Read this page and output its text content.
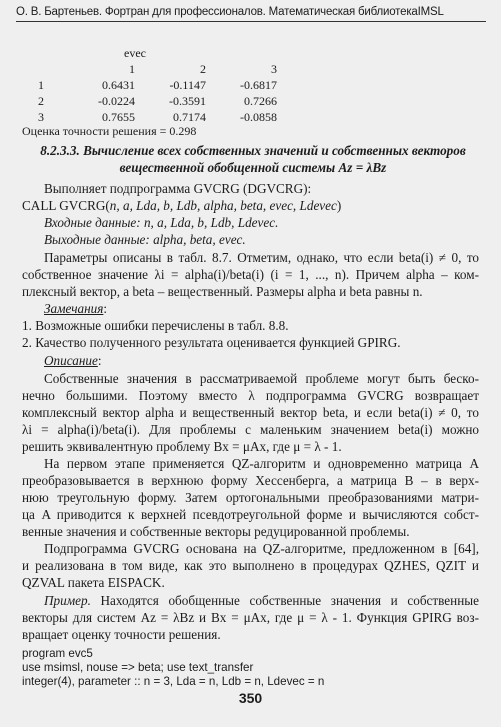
О. В. Бартеньев. Фортран для профессионалов. Математическая библиотекаIMSL
evec
1	2	3
1	0.6431	-0.1147	-0.6817
2	-0.0224	-0.3591	0.7266
3	0.7655	0.7174	-0.0858
Оценка точности решения = 0.298
8.2.3.3. Вычисление всех собственных значений и собственных векторов
вещественной обобщенной системы Az = λBz
Выполняет подпрограмма GVCRG (DGVCRG):
CALL GVCRG(n, a, Lda, b, Ldb, alpha, beta, evec, Ldevec)
Входные данные: n, a, Lda, b, Ldb, Ldevec.
Выходные данные: alpha, beta, evec.
Параметры описаны в табл. 8.7. Отметим, однако, что если beta(i) ≠ 0, то
собственное значение λi = alpha(i)/beta(i) (i = 1, ..., n). Причем alpha – ком-
плексный вектор, а beta – вещественный. Размеры alpha и beta равны n.
Замечания:
1. Возможные ошибки перечислены в табл. 8.8.
2. Качество полученного результата оценивается функцией GPIRG.
Описание:
Собственные значения в рассматриваемой проблеме могут быть беско-
нечно большими. Поэтому вместо λ подпрограмма GVCRG возвращает
комплексный вектор alpha и вещественный вектор beta, и если beta(i) ≠ 0, то
λi = alpha(i)/beta(i). Для проблемы с маленьким значением beta(i) можно
решить эквивалентную проблему Bx = μAx, где μ = λ - 1.
На первом этапе применяется QZ-алгоритм и одновременно матрица A
преобразовывается в верхнюю форму Хессенберга, а матрица B – в верх-
нюю треугольную форму. Затем ортогональными преобразованиями матри-
ца A приводится к верхней псевдотреугольной форме и вычисляются собст-
венные значения и собственные векторы редуцированной проблемы.
Подпрограмма GVCRG основана на QZ-алгоритме, предложенном в [64],
и реализована в том виде, как это выполнено в процедурах QZHES, QZIT и
QZVAL пакета EISPACK.
Пример. Находятся обобщенные собственные значения и собственные
векторы для систем Az = λBz и Bx = μAx, где μ = λ - 1. Функция GPIRG воз-
вращает оценку точности решения.
program evc5
use msimsl, nouse => beta; use text_transfer
integer(4), parameter :: n = 3, Lda = n, Ldb = n, Ldevec = n
350
